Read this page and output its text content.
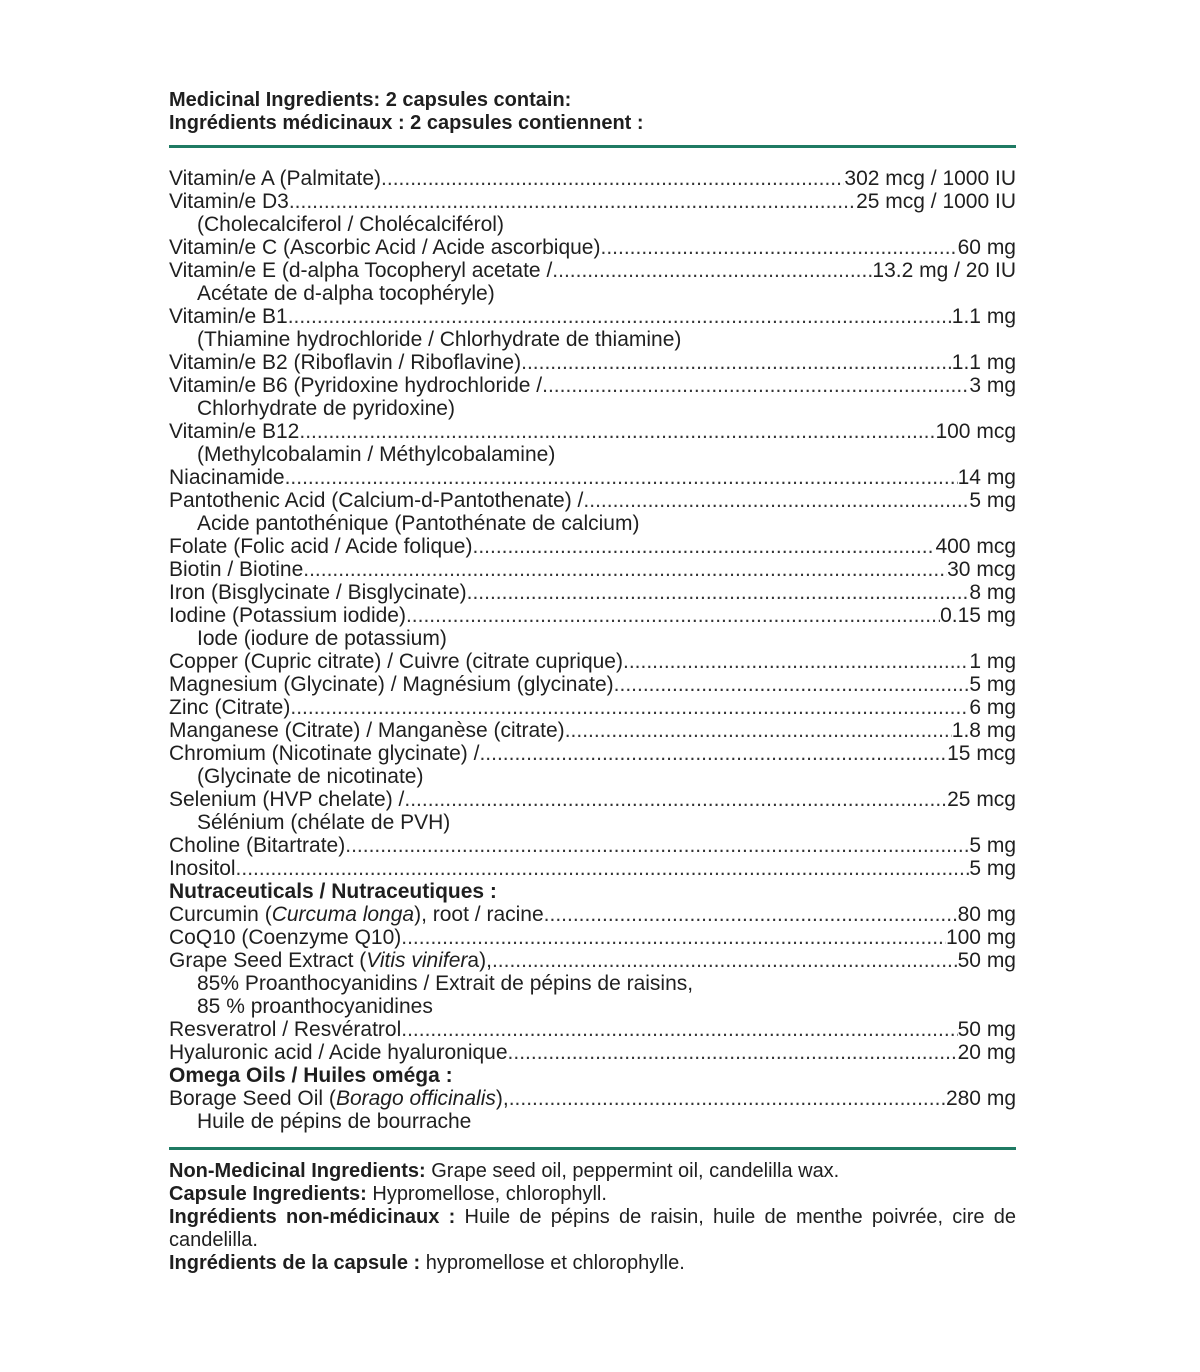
Medicinal Ingredients: 2 capsules contain:
Ingrédients médicinaux : 2 capsules contiennent :
Vitamin/e A (Palmitate) .....	302 mcg / 1000 IU
Vitamin/e D3 .....	25 mcg / 1000 IU
(Cholecalciferol / Cholécalciférol)
Vitamin/e C (Ascorbic Acid / Acide ascorbique) .....	60 mg
Vitamin/e E (d-alpha Tocopheryl acetate / .....	13.2 mg / 20 IU
Acétate de d-alpha tocophéryle)
Vitamin/e B1 .....	1.1 mg
(Thiamine hydrochloride / Chlorhydrate de thiamine)
Vitamin/e B2 (Riboflavin / Riboflavine) .....	1.1 mg
Vitamin/e B6 (Pyridoxine hydrochloride / .....	3 mg
Chlorhydrate de pyridoxine)
Vitamin/e B12 .....	100 mcg
(Methylcobalamin / Méthylcobalamine)
Niacinamide .....	14 mg
Pantothenic Acid (Calcium-d-Pantothenate) / .....	5 mg
Acide pantothénique (Pantothénate de calcium)
Folate (Folic acid / Acide folique) .....	400 mcg
Biotin / Biotine .....	30 mcg
Iron (Bisglycinate / Bisglycinate) .....	8 mg
Iodine (Potassium iodide) .....	0.15 mg
Iode (iodure de potassium)
Copper (Cupric citrate) / Cuivre (citrate cuprique) .....	1 mg
Magnesium (Glycinate) / Magnésium (glycinate) .....	5 mg
Zinc (Citrate) .....	6 mg
Manganese (Citrate) / Manganèse (citrate) .....	1.8 mg
Chromium (Nicotinate glycinate) / .....	15 mcg
(Glycinate de nicotinate)
Selenium (HVP chelate) / .....	25 mcg
Sélénium (chélate de PVH)
Choline (Bitartrate) .....	5 mg
Inositol .....	5 mg
Nutraceuticals / Nutraceutiques :
Curcumin (Curcuma longa), root / racine .....	80 mg
CoQ10 (Coenzyme Q10) .....	100 mg
Grape Seed Extract (Vitis vinifera), .....	50 mg
85% Proanthocyanidins / Extrait de pépins de raisins,
85 % proanthocyanidines
Resveratrol / Resvératrol .....	50 mg
Hyaluronic acid / Acide hyaluronique .....	20 mg
Omega Oils / Huiles oméga :
Borage Seed Oil (Borago officinalis), .....	280 mg
Huile de pépins de bourrache

Non-Medicinal Ingredients: Grape seed oil, peppermint oil, candelilla wax.

Capsule Ingredients: Hypromellose, chlorophyll.

Ingrédients non-médicinaux : Huile de pépins de raisin, huile de menthe poivrée, cire de candelilla.

Ingrédients de la capsule : hypromellose et chlorophylle.
